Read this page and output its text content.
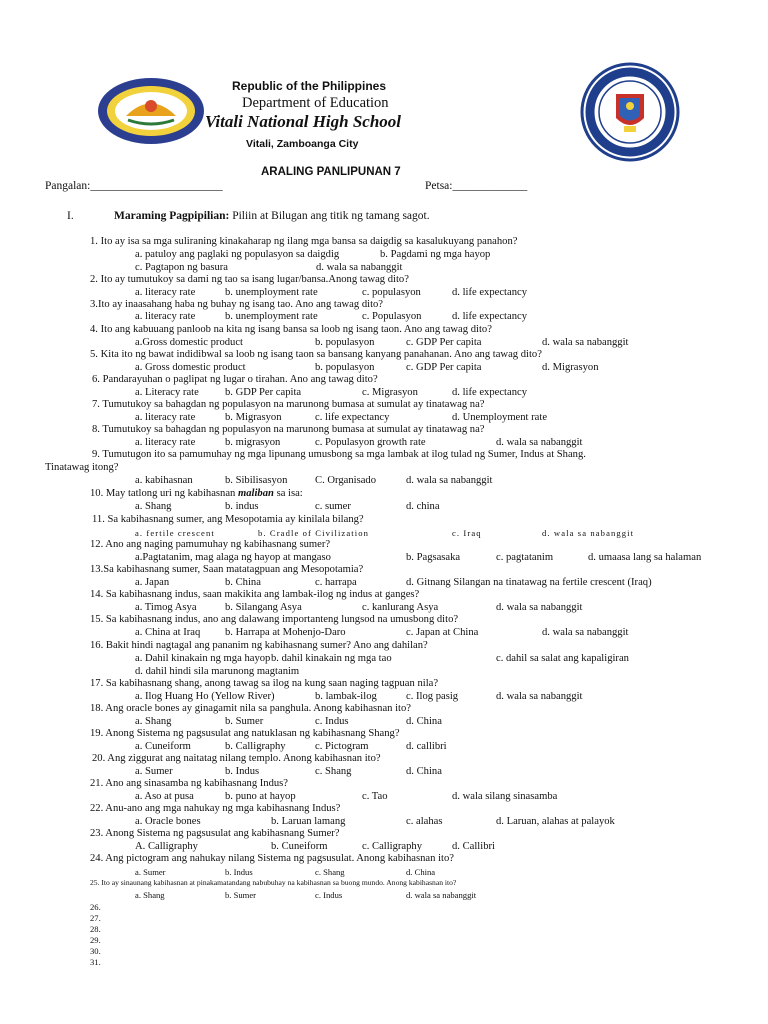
Republic of the Philippines
Department of Education
Vitali National High School
Vitali, Zamboanga City
ARALING PANLIPUNAN 7
Pangalan:_______________________	Petsa:_____________
I.	Maraming Pagpipilian: Piliin at Bilugan ang titik ng tamang sagot.
1. Ito ay isa sa mga suliraning kinakaharap ng ilang mga bansa sa daigdig sa kasalukuyang panahon?
a. patuloy ang paglaki ng populasyon sa daigdig	b. Pagdami ng mga hayop
c. Pagtapon ng basura	d. wala sa nabanggit
2. Ito ay tumutukoy sa dami ng tao sa isang lugar/bansa.Anong tawag dito?
a. literacy rate	b. unemployment rate	c. populasyon	d. life expectancy
3.Ito ay inaasahang haba ng buhay ng isang tao. Ano ang tawag dito?
a. literacy rate	b. unemployment rate	c. Populasyon	d. life expectancy
4. Ito ang kabuuang panloob na kita ng isang bansa sa loob ng isang taon. Ano ang tawag dito?
a.Gross domestic product	b. populasyon	c. GDP Per capita	d. wala sa nabanggit
5. Kita ito ng bawat indidibwal sa loob ng isang taon sa bansang kanyang panahanan. Ano ang tawag dito?
a. Gross domestic product	b. populasyon	c. GDP Per capita	d. Migrasyon
6. Pandarayuhan o paglipat ng lugar o tirahan. Ano ang tawag dito?
a. Literacy rate b. GDP Per capita	c. Migrasyon	d. life expectancy
7. Tumutukoy sa bahagdan ng populasyon na marunong bumasa at sumulat ay tinatawag na?
a. literacy rate	b. Migrasyon	c. life expectancy	d. Unemployment rate
8. Tumutukoy sa bahagdan ng populasyon na marunong bumasa at sumulat ay tinatawag na?
a. literacy rate	b. migrasyon	c. Populasyon growth rate	d. wala sa nabanggit
9. Tumutugon ito sa pamumuhay ng mga lipunang umusbong sa mga lambak at ilog tulad ng Sumer, Indus at Shang.
Tinatawag itong?
a. kabihasnan	b. Sibilisasyon	C. Organisado	d. wala sa nabanggit
10. May tatlong uri ng kabihasnan maliban sa isa:
a. Shang	b. indus	c. sumer	d. china
11. Sa kabihasnang sumer, ang Mesopotamia ay kinilala bilang?
a. fertile crescent	b. Cradle of Civilization	c. Iraq	d. wala sa nabanggit
12. Ano ang naging pamumuhay ng kabihasnang sumer?
a.Pagtatanim, mag alaga ng hayop at mangaso	b. Pagsasaka	c. pagtatanim	d. umaasa lang sa halaman
13.Sa kabihasnang sumer, Saan matatagpuan ang Mesopotamia?
a. Japan	b. China	c. harrapa	d. Gitnang Silangan na tinatawag na fertile crescent (Iraq)
14. Sa kabihasnang indus, saan makikita ang lambak-ilog ng indus at ganges?
a. Timog Asya	b. Silangang Asya	c. kanlurang Asya	d. wala sa nabanggit
15. Sa kabihasnang indus, ano ang dalawang importanteng lungsod na umusbong dito?
a. China at Iraq b. Harrapa at Mohenjo-Daro	c. Japan at China	d. wala sa nabanggit
16. Bakit hindi nagtagal ang pananim ng kabihasnang sumer? Ano ang dahilan?
a. Dahil kinakain ng mga hayop b. dahil kinakain ng mga tao	c. dahil sa salat ang kapaligiran
d. dahil hindi sila marunong magtanim
17. Sa kabihasnang shang, anong tawag sa ilog na kung saan naging tagpuan nila?
a. Ilog Huang Ho (Yellow River)	b. lambak-ilog	c. Ilog pasig	d. wala sa nabanggit
18. Ang oracle bones ay ginagamit nila sa panghula. Anong kabihasnan ito?
a. Shang	b. Sumer	c. Indus	d. China
19. Anong Sistema ng pagsusulat ang natuklasan ng kabihasnang Shang?
a. Cuneiform	b. Calligraphy	c. Pictogram	d. callibri
20. Ang ziggurat ang naitatag nilang templo. Anong kabihasnan ito?
a. Sumer	b. Indus	c. Shang	d. China
21. Ano ang sinasamba ng kabihasnang Indus?
a. Aso at pusa	b. puno at hayop	c. Tao	d. wala silang sinasamba
22. Anu-ano ang mga nahukay ng mga kabihasnang Indus?
a. Oracle bones	b. Laruan lamang	c. alahas	d. Laruan, alahas at palayok
23. Anong Sistema ng pagsusulat ang kabihasnang Sumer?
A. Calligraphy	b. Cuneiform	c. Calligraphy	d. Callibri
24. Ang pictogram ang nahukay nilang Sistema ng pagsusulat. Anong kabihasnan ito?
a. Sumer	b. Indus	c. Shang	d. China
25. Ito ay sinaunang kabihasnan at pinakamatandang nabubuhay na kabihasnan sa buong mundo. Anong kabihasnan ito?
a. Shang	b. Sumer	c. Indus	d. wala sa nabanggit
26.
27.
28.
29.
30.
31.
